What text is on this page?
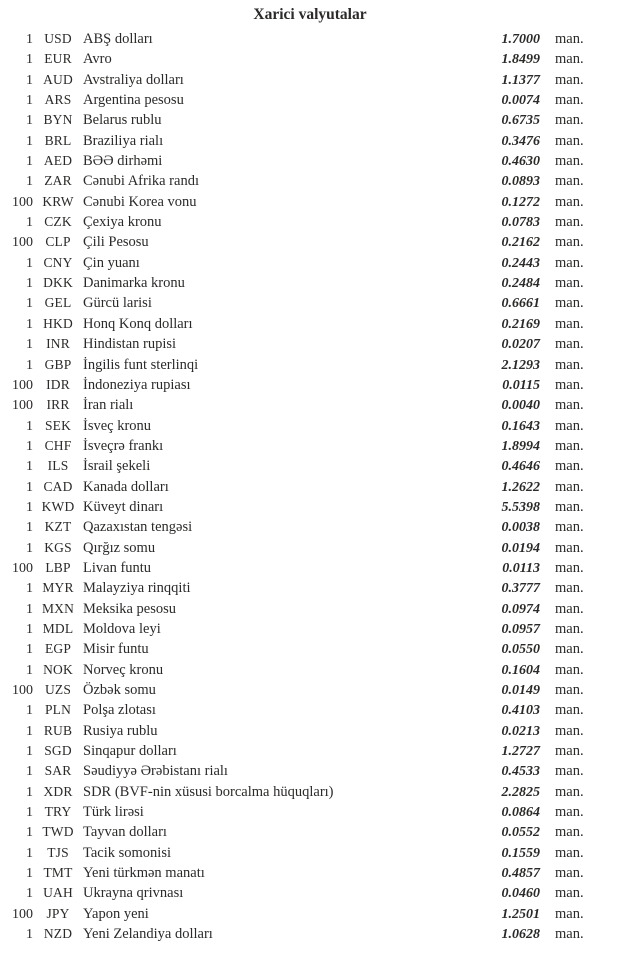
Xarici valyutalar
1 USD ABŞ dolları	1.7000	man.
1 EUR Avro	1.8499	man.
1 AUD Avstraliya dolları	1.1377	man.
1 ARS Argentina pesosu	0.0074	man.
1 BYN Belarus rublu	0.6735	man.
1 BRL Braziliya rialı	0.3476	man.
1 AED BƏƏ dirhəmi	0.4630	man.
1 ZAR Cənubi Afrika randı	0.0893	man.
100 KRW Cənubi Korea vonu	0.1272	man.
1 CZK Çexiya kronu	0.0783	man.
100 CLP Çili Pesosu	0.2162	man.
1 CNY Çin yuanı	0.2443	man.
1 DKK Danimarka kronu	0.2484	man.
1 GEL Gürcü larisi	0.6661	man.
1 HKD Honq Konq dolları	0.2169	man.
1 INR Hindistan rupisi	0.0207	man.
1 GBP İngilis funt sterlinqi	2.1293	man.
100 IDR İndoneziya rupiası	0.0115	man.
100 IRR İran rialı	0.0040	man.
1 SEK İsveç kronu	0.1643	man.
1 CHF İsveçrə frankı	1.8994	man.
1	ILS	İsrail şekeli	0.4646	man.
1 CAD Kanada dolları	1.2622	man.
1 KWD Küveyt dinarı	5.5398	man.
1 KZT Qazaxıstan tengəsi	0.0038	man.
1 KGS Qırğız somu	0.0194	man.
100 LBP Livan funtu	0.0113	man.
1 MYR Malayziya rinqqiti	0.3777	man.
1 MXN Meksika pesosu	0.0974	man.
1 MDL Moldova leyi	0.0957	man.
1 EGP Misir funtu	0.0550	man.
1 NOK Norveç kronu	0.1604	man.
100 UZS Özbək somu	0.0149	man.
1 PLN Polşa zlotası	0.4103	man.
1 RUB Rusiya rublu	0.0213	man.
1 SGD Sinqapur dolları	1.2727	man.
1 SAR Səudiyyə Ərəbistanı rialı	0.4533	man.
1 XDR SDR (BVF-nin xüsusi borcalma hüquqları)	2.2825	man.
1 TRY Türk lirəsi	0.0864	man.
1 TWD Tayvan dolları	0.0552	man.
1	TJS Tacik somonisi	0.1559	man.
1 TMT Yeni türkmən manatı	0.4857	man.
1 UAH Ukrayna qrivnası	0.0460	man.
100 JPY Yapon yeni	1.2501	man.
1 NZD Yeni Zelandiya dolları	1.0628	man.
